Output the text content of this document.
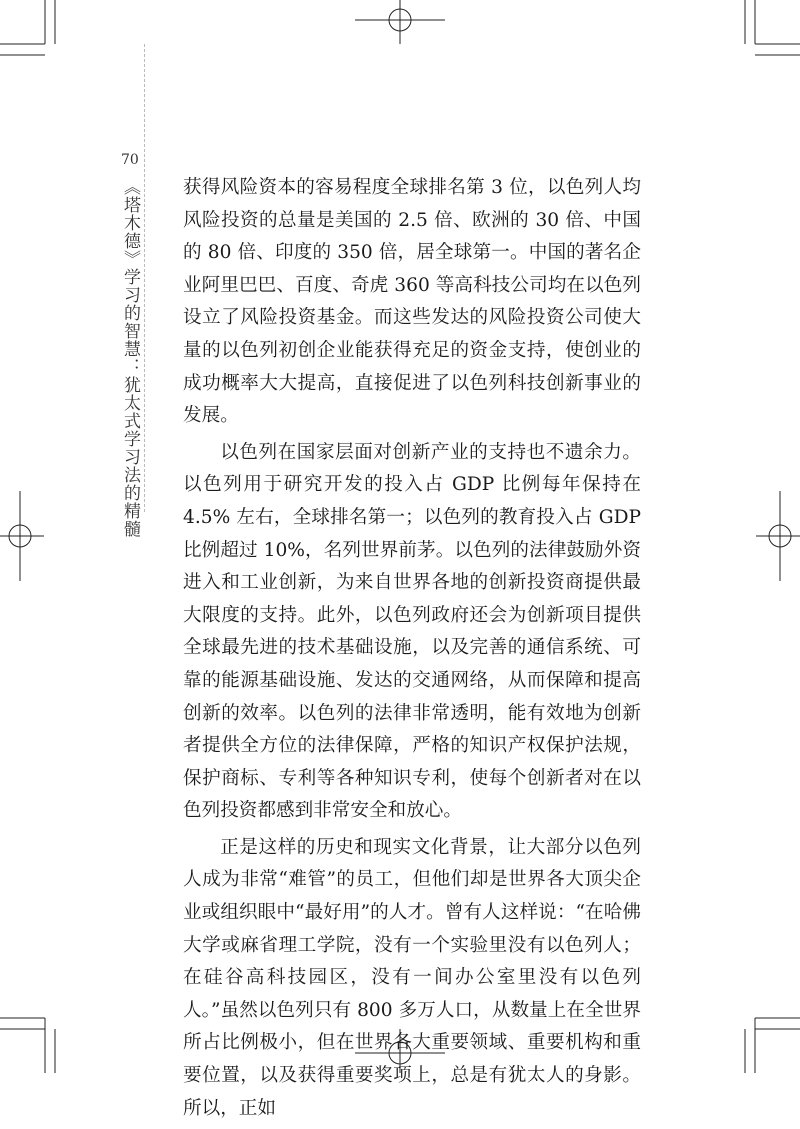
70
《塔木德》学习的智慧：犹太式学习法的精髓 获得风险资本的容易程度全球排名第 3 位，以色列人均风险投资的总量是美国的 2.5 倍、欧洲的 30 倍、中国的 80 倍、印度的 350 倍，居全球第一。中国的著名企业阿里巴巴、百度、奇虎 360 等高科技公司均在以色列设立了风险投资基金。而这些发达的风险投资公司使大量的以色列初创企业能获得充足的资金支持，使创业的成功概率大大提高，直接促进了以色列科技创新事业的发展。

以色列在国家层面对创新产业的支持也不遗余力。以色列用于研究开发的投入占 GDP 比例每年保持在 4.5% 左右，全球排名第一；以色列的教育投入占 GDP 比例超过 10%，名列世界前茅。以色列的法律鼓励外资进入和工业创新，为来自世界各地的创新投资商提供最大限度的支持。此外，以色列政府还会为创新项目提供全球最先进的技术基础设施，以及完善的通信系统、可靠的能源基础设施、发达的交通网络，从而保障和提高创新的效率。以色列的法律非常透明，能有效地为创新者提供全方位的法律保障，严格的知识产权保护法规，保护商标、专利等各种知识专利，使每个创新者对在以色列投资都感到非常安全和放心。

正是这样的历史和现实文化背景，让大部分以色列人成为非常“难管”的员工，但他们却是世界各大顶尖企业或组织眼中“最好用”的人才。曾有人这样说：“在哈佛大学或麻省理工学院，没有一个实验里没有以色列人；在硅谷高科技园区，没有一间办公室里没有以色列人。”虽然以色列只有 800 多万人口，从数量上在全世界所占比例极小，但在世界各大重要领域、重要机构和重要位置，以及获得重要奖项上，总是有犹太人的身影。所以，正如
